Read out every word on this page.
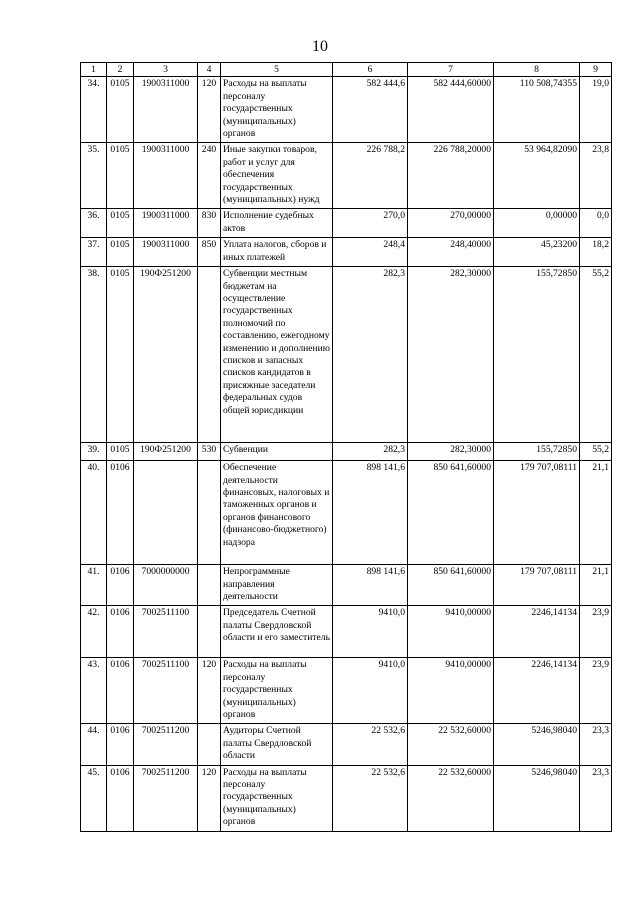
10
1	2	3	4	5	6	7	8	9
34.	0105	1900311000	120	Расходы на выплаты персоналу государственных (муниципальных) органов	582 444,6	582 444,60000	110 508,74355	19,0
35.	0105	1900311000	240	Иные закупки товаров, работ и услуг для обеспечения государственных (муниципальных) нужд	226 788,2	226 788,20000	53 964,82090	23,8
36.	0105	1900311000	830	Исполнение судебных актов	270,0	270,00000	0,00000	0,0
37.	0105	1900311000	850	Уплата налогов, сборов и иных платежей	248,4	248,40000	45,23200	18,2
38.	0105	190Ф251200		Субвенции местным бюджетам на осуществление государственных полномочий по составлению, ежегодному изменению и дополнению списков и запасных списков кандидатов в присяжные заседатели федеральных судов общей юрисдикции	282,3	282,30000	155,72850	55,2
39.	0105	190Ф251200	530	Субвенции	282,3	282,30000	155,72850	55,2
40.	0106			Обеспечение деятельности финансовых, налоговых и таможенных органов и органов финансового (финансово-бюджетного) надзора	898 141,6	850 641,60000	179 707,08111	21,1
41.	0106	7000000000		Непрограммные направления деятельности	898 141,6	850 641,60000	179 707,08111	21,1
42.	0106	7002511100		Председатель Счетной палаты Свердловской области и его заместитель	9410,0	9410,00000	2246,14134	23,9
43.	0106	7002511100	120	Расходы на выплаты персоналу государственных (муниципальных) органов	9410,0	9410,00000	2246,14134	23,9
44.	0106	7002511200		Аудиторы Счетной палаты Свердловской области	22 532,6	22 532,60000	5246,98040	23,3
45.	0106	7002511200	120	Расходы на выплаты персоналу государственных (муниципальных) органов	22 532,6	22 532,60000	5246,98040	23,3
